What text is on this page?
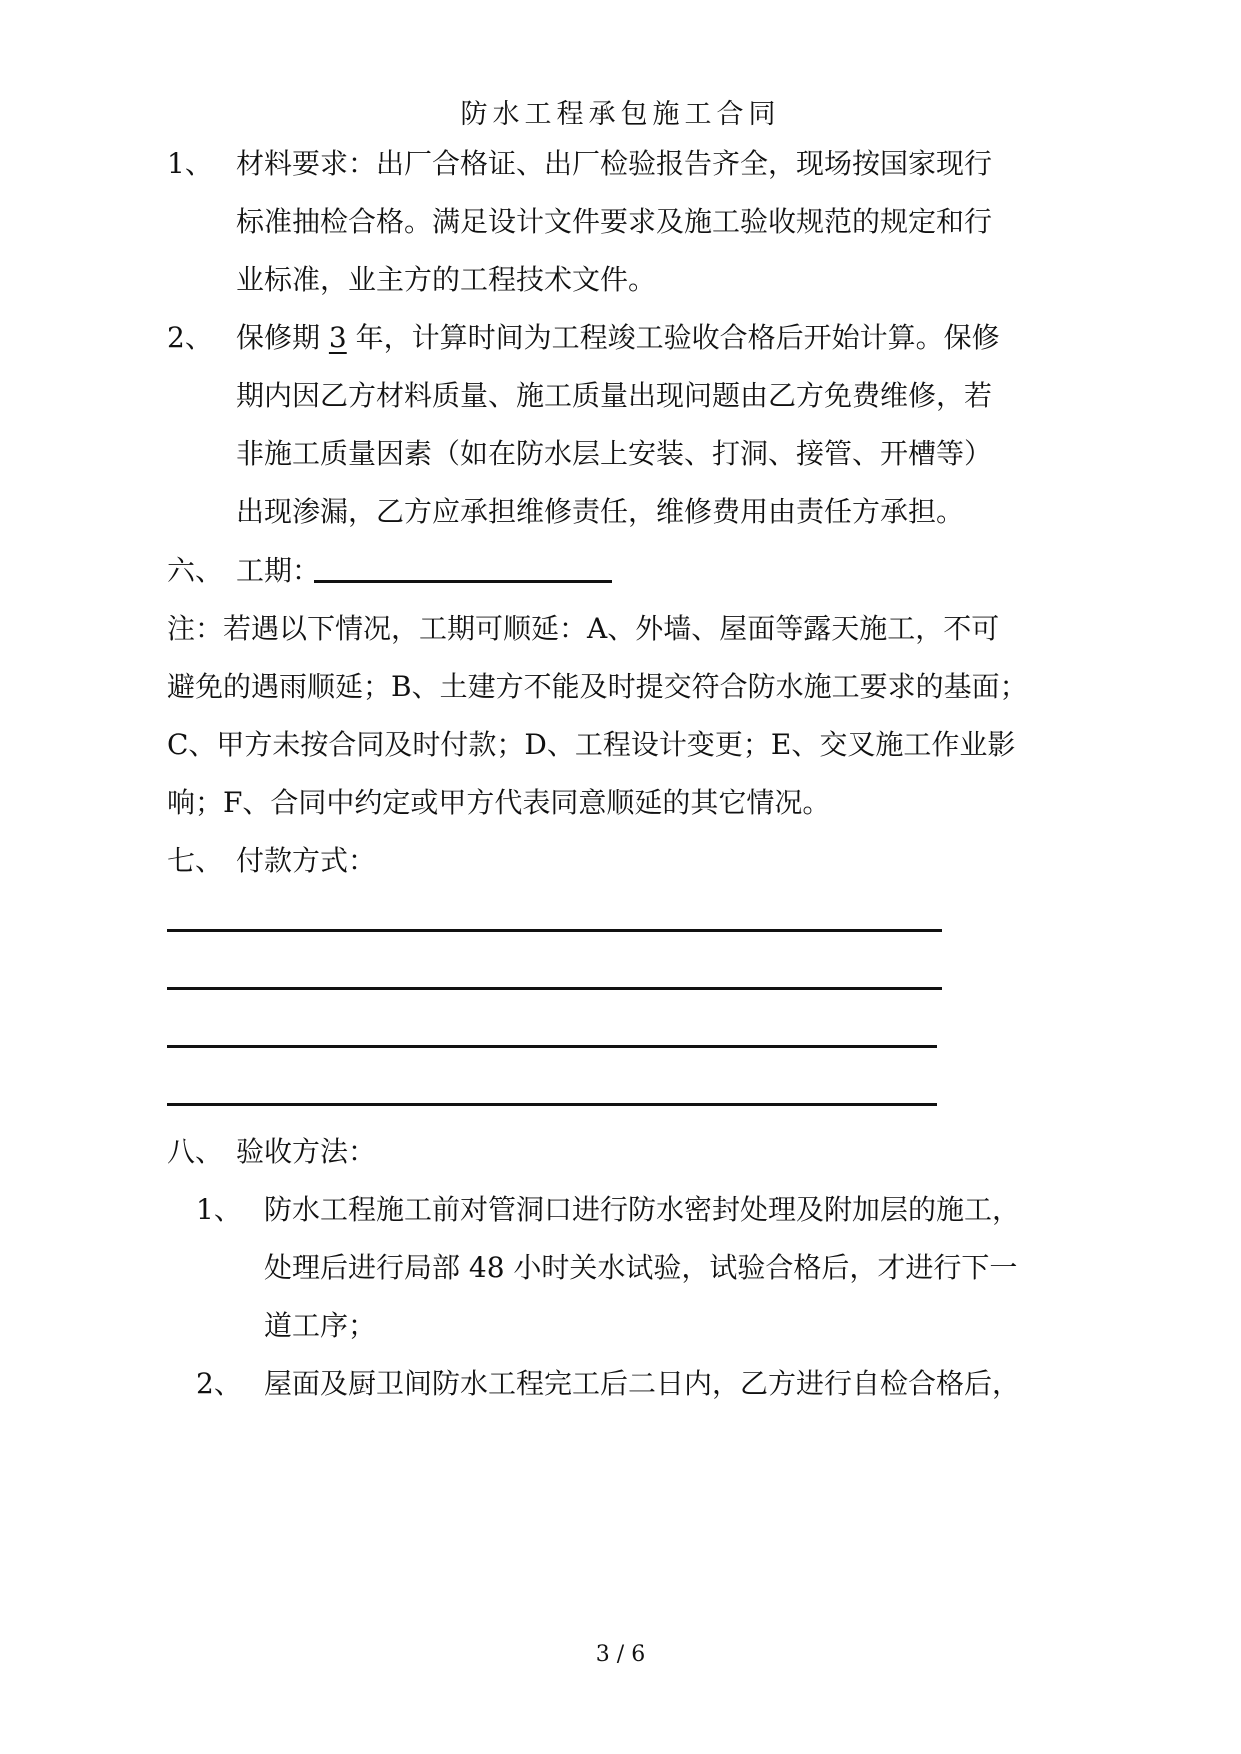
防水工程承包施工合同
1、 材料要求：出厂合格证、出厂检验报告齐全，现场按国家现行
标准抽检合格。满足设计文件要求及施工验收规范的规定和行
业标准，业主方的工程技术文件。
2、 保修期 3 年，计算时间为工程竣工验收合格后开始计算。保修
期内因乙方材料质量、施工质量出现问题由乙方免费维修，若
非施工质量因素（如在防水层上安装、打洞、接管、开槽等）
出现渗漏，乙方应承担维修责任，维修费用由责任方承担。
六、 工期：
注：若遇以下情况，工期可顺延：A、外墙、屋面等露天施工，不可
避免的遇雨顺延；B、土建方不能及时提交符合防水施工要求的基面；
C、甲方未按合同及时付款；D、工程设计变更；E、交叉施工作业影
响；F、合同中约定或甲方代表同意顺延的其它情况。
七、 付款方式：
八、 验收方法：
1、 防水工程施工前对管洞口进行防水密封处理及附加层的施工，
处理后进行局部 48 小时关水试验，试验合格后，才进行下一
道工序；
2、 屋面及厨卫间防水工程完工后二日内，乙方进行自检合格后，
3 / 6
